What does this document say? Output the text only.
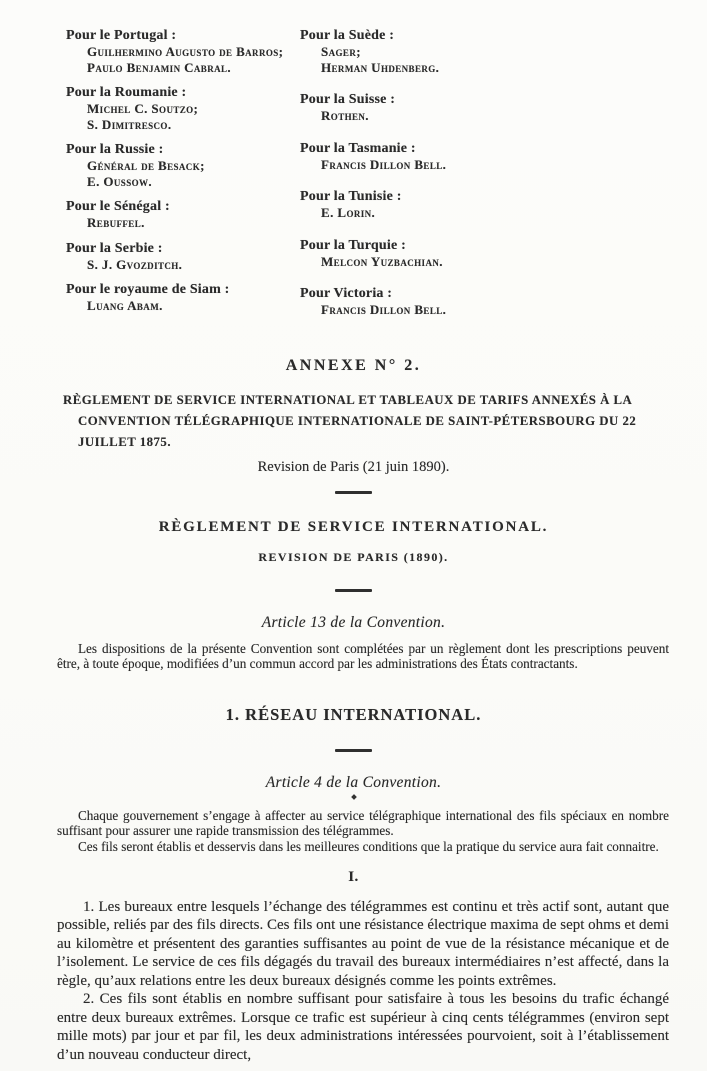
Pour le Portugal :
Guilhermino Augusto de Barros;
Paulo Benjamin Cabral.
Pour la Roumanie :
Michel C. Soutzo;
S. Dimitresco.
Pour la Russie :
Général de Besack;
E. Oussow.
Pour le Sénégal :
Rebuffel.
Pour la Serbie :
S. J. Gvozditch.
Pour le royaume de Siam :
Luang Abam.
Pour la Suède :
Sager;
Herman Uhdenberg.
Pour la Suisse :
Rothen.
Pour la Tasmanie :
Francis Dillon Bell.
Pour la Tunisie :
E. Lorin.
Pour la Turquie :
Melcon Yuzbachian.
Pour Victoria :
Francis Dillon Bell.
ANNEXE N° 2.
RÈGLEMENT DE SERVICE INTERNATIONAL ET TABLEAUX DE TARIFS ANNEXÉS À LA CONVENTION TÉLÉGRAPHIQUE INTERNATIONALE DE SAINT-PÉTERSBOURG DU 22 JUILLET 1875.
Revision de Paris (21 juin 1890).
RÈGLEMENT DE SERVICE INTERNATIONAL.
REVISION DE PARIS (1890).
Article 13 de la Convention.

Les dispositions de la présente Convention sont complétées par un règlement dont les prescriptions peuvent être, à toute époque, modifiées d’un commun accord par les administrations des États contractants.

1. RÉSEAU INTERNATIONAL.
Article 4 de la Convention.

Chaque gouvernement s’engage à affecter au service télégraphique international des fils spéciaux en nombre suffisant pour assurer une rapide transmission des télégrammes.

Ces fils seront établis et desservis dans les meilleures conditions que la pratique du service aura fait connaitre.

I.

1. Les bureaux entre lesquels l’échange des télégrammes est continu et très actif sont, autant que possible, reliés par des fils directs. Ces fils ont une résistance électrique maxima de sept ohms et demi au kilomètre et présentent des garanties suffisantes au point de vue de la résistance mécanique et de l’isolement. Le service de ces fils dégagés du travail des bureaux intermédiaires n’est affecté, dans la règle, qu’aux relations entre les deux bureaux désignés comme les points extrêmes.

2. Ces fils sont établis en nombre suffisant pour satisfaire à tous les besoins du trafic échangé entre deux bureaux extrêmes. Lorsque ce trafic est supérieur à cinq cents télégrammes (environ sept mille mots) par jour et par fil, les deux administrations intéressées pourvoient, soit à l’établissement d’un nouveau conducteur direct,
